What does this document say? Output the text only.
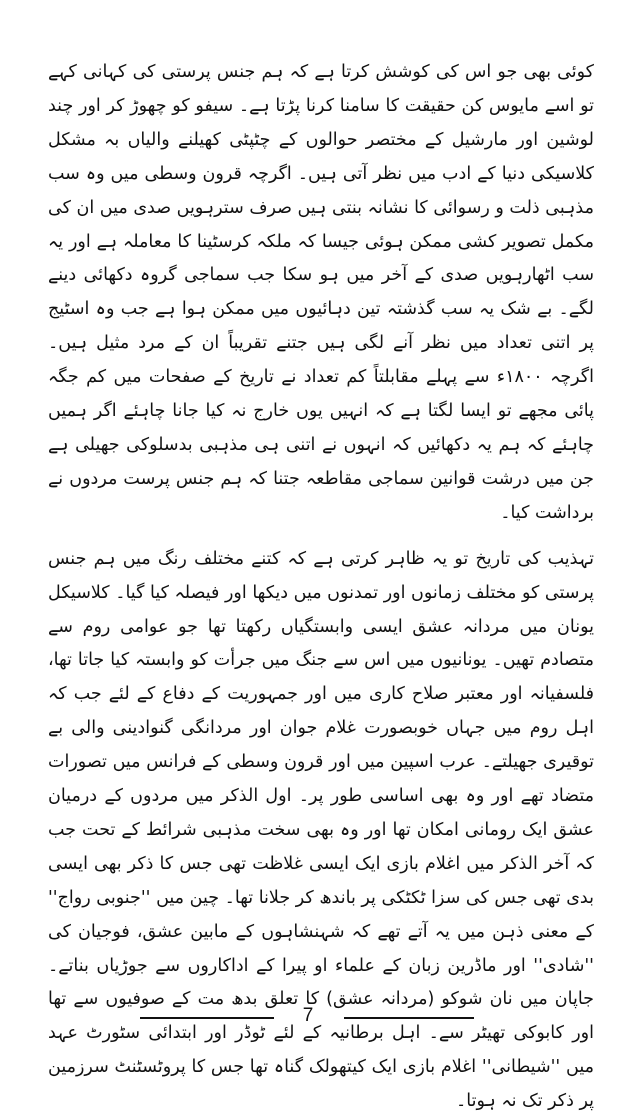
کوئی بھی جو اس کی کوشش کرتا ہے کہ ہم جنس پرستی کی کہانی کہے تو اسے مایوس کن حقیقت کا سامنا کرنا پڑتا ہے۔ سیفو کو چھوڑ کر اور چند لوشین اور مارشیل کے مختصر حوالوں کے چٹپٹی کھیلنے والیاں بہ مشکل کلاسیکی دنیا کے ادب میں نظر آتی ہیں۔ اگرچہ قرون وسطی میں وہ سب مذہبی ذلت و رسوائی کا نشانہ بنتی ہیں صرف سترہویں صدی میں ان کی مکمل تصویر کشی ممکن ہوئی جیسا کہ ملکہ کرسٹینا کا معاملہ ہے اور یہ سب اٹھارہویں صدی کے آخر میں ہو سکا جب سماجی گروہ دکھائی دینے لگے۔ بے شک یہ سب گذشتہ تین دہائیوں میں ممکن ہوا ہے جب وہ اسٹیج پر اتنی تعداد میں نظر آنے لگی ہیں جتنے تقریباً ان کے مرد مثیل ہیں۔ اگرچہ ۱۸۰۰ء سے پہلے مقابلتاً کم تعداد نے تاریخ کے صفحات میں کم جگہ پائی مجھے تو ایسا لگتا ہے کہ انہیں یوں خارج نہ کیا جانا چاہئے اگر ہمیں چاہئے کہ ہم یہ دکھائیں کہ انہوں نے اتنی ہی مذہبی بدسلوکی جھیلی ہے جن میں درشت قوانین سماجی مقاطعہ جتنا کہ ہم جنس پرست مردوں نے برداشت کیا۔

تہذیب کی تاریخ تو یہ ظاہر کرتی ہے کہ کتنے مختلف رنگ میں ہم جنس پرستی کو مختلف زمانوں اور تمدنوں میں دیکھا اور فیصلہ کیا گیا۔ کلاسیکل یونان میں مردانہ عشق ایسی وابستگیاں رکھتا تھا جو عوامی روم سے متصادم تھیں۔ یونانیوں میں اس سے جنگ میں جرأت کو وابستہ کیا جاتا تھا، فلسفیانہ اور معتبر صلاح کاری میں اور جمہوریت کے دفاع کے لئے جب کہ اہل روم میں جہاں خوبصورت غلام جوان اور مردانگی گنوادینی والی بے توقیری جھیلتے۔ عرب اسپین میں اور قرون وسطی کے فرانس میں تصورات متضاد تھے اور وہ بھی اساسی طور پر۔ اول الذکر میں مردوں کے درمیان عشق ایک رومانی امکان تھا اور وہ بھی سخت مذہبی شرائط کے تحت جب کہ آخر الذکر میں اغلام بازی ایک ایسی غلاظت تھی جس کا ذکر بھی ایسی بدی تھی جس کی سزا ٹکٹکی پر باندھ کر جلانا تھا۔ چین میں ''جنوبی رواج'' کے معنی ذہن میں یہ آتے تھے کہ شہنشاہوں کے مابین عشق، فوجیان کی ''شادی'' اور ماڈرین زبان کے علماء او پیرا کے اداکاروں سے جوڑیاں بناتے۔ جاپان میں نان شوکو (مردانہ عشق) کا تعلق بدھ مت کے صوفیوں سے تھا اور کابوکی تھیٹر سے۔ اہل برطانیہ کے لئے ٹوڈر اور ابتدائی سٹورٹ عہد میں ''شیطانی'' اغلام بازی ایک کیتھولک گناہ تھا جس کا پروٹسٹنٹ سرزمین پر ذکر تک نہ ہوتا۔

7
